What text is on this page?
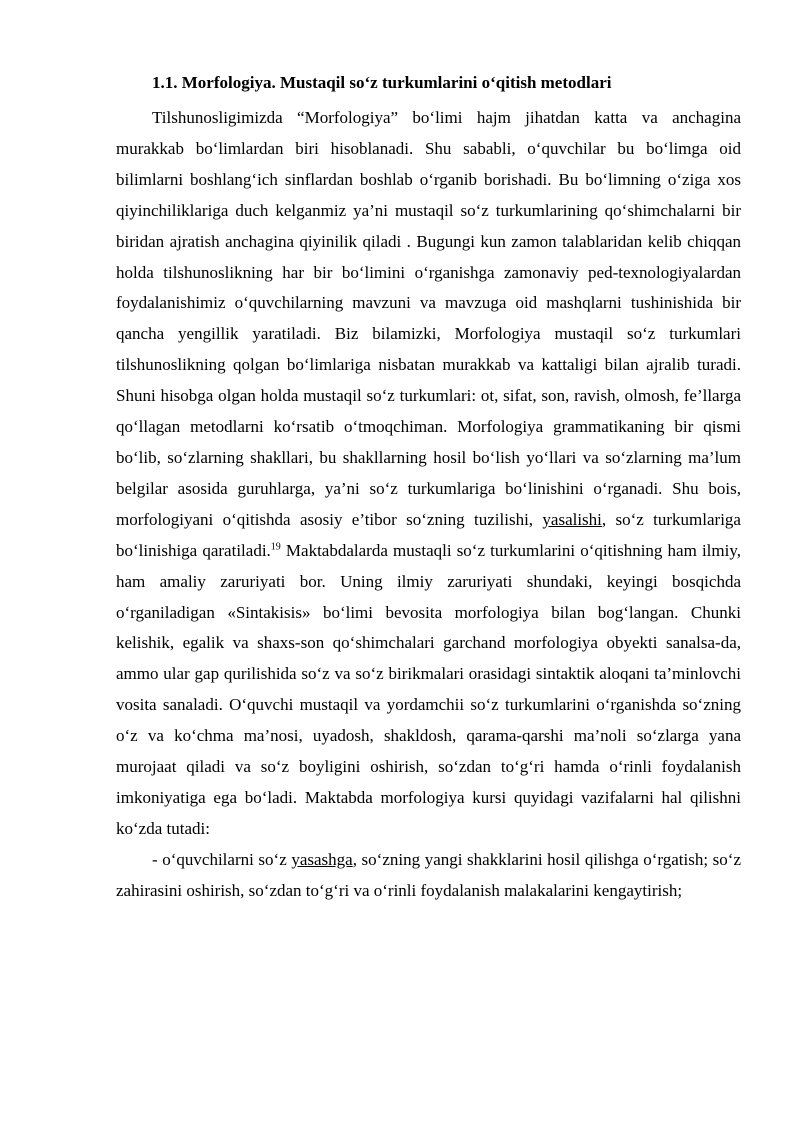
1.1. Morfologiya. Mustaqil so‘z turkumlarini o‘qitish metodlari

Tilshunosligimizda “Morfologiya” bo‘limi hajm jihatdan katta va anchagina murakkab bo‘limlardan biri hisoblanadi. Shu sababli, o‘quvchilar bu bo‘limga oid bilimlarni boshlang‘ich sinflardan boshlab o‘rganib borishadi. Bu bo‘limning o‘ziga xos qiyinchiliklariga duch kelganmiz ya’ni mustaqil so‘z turkumlarining qo‘shimchalarni bir biridan ajratish anchagina qiyinilik qiladi . Bugungi kun zamon talablaridan kelib chiqqan holda tilshunoslikning har bir bo‘limini o‘rganishga zamonaviy ped-texnologiyalardan foydalanishimiz o‘quvchilarning mavzuni va mavzuga oid mashqlarni tushinishida bir qancha yengillik yaratiladi. Biz bilamizki, Morfologiya mustaqil so‘z turkumlari tilshunoslikning qolgan bo‘limlariga nisbatan murakkab va kattaligi bilan ajralib turadi. Shuni hisobga olgan holda mustaqil so‘z turkumlari: ot, sifat, son, ravish, olmosh, fe’llarga qo‘llagan metodlarni ko‘rsatib o‘tmoqchiman. Morfologiya grammatikaning bir qismi bo‘lib, so‘zlarning shakllari, bu shakllarning hosil bo‘lish yo‘llari va so‘zlarning ma’lum belgilar asosida guruhlarga, ya’ni so‘z turkumlariga bo‘linishini o‘rganadi. Shu bois, morfologiyani o‘qitishda asosiy e’tibor so‘zning tuzilishi, yasalishi, so‘z turkumlariga bo‘linishiga qaratiladi.$^{19}$ Maktabdalarda mustaqli so‘z turkumlarini o‘qitishning ham ilmiy, ham amaliy zaruriyati bor. Uning ilmiy zaruriyati shundaki, keyingi bosqichda o‘rganiladigan «Sintakisis» bo‘limi bevosita morfologiya bilan bog‘langan. Chunki kelishik, egalik va shaxs-son qo‘shimchalari garchand morfologiya obyekti sanalsa-da, ammo ular gap qurilishida so‘z va so‘z birikmalari orasidagi sintaktik aloqani ta’minlovchi vosita sanaladi. O‘quvchi mustaqil va yordamchii so‘z turkumlarini o‘rganishda so‘zning o‘z va ko‘chma ma’nosi, uyadosh, shakldosh, qarama-qarshi ma’noli so‘zlarga yana murojaat qiladi va so‘z boyligini oshirish, so‘zdan to‘g‘ri hamda o‘rinli foydalanish imkoniyatiga ega bo‘ladi. Maktabda morfologiya kursi quyidagi vazifalarni hal qilishni ko‘zda tutadi:

- o‘quvchilarni so‘z yasashga, so‘zning yangi shakklarini hosil qilishga o‘rgatish; so‘z zahirasini oshirish, so‘zdan to‘g‘ri va o‘rinli foydalanish malakalarini kengaytirish;
